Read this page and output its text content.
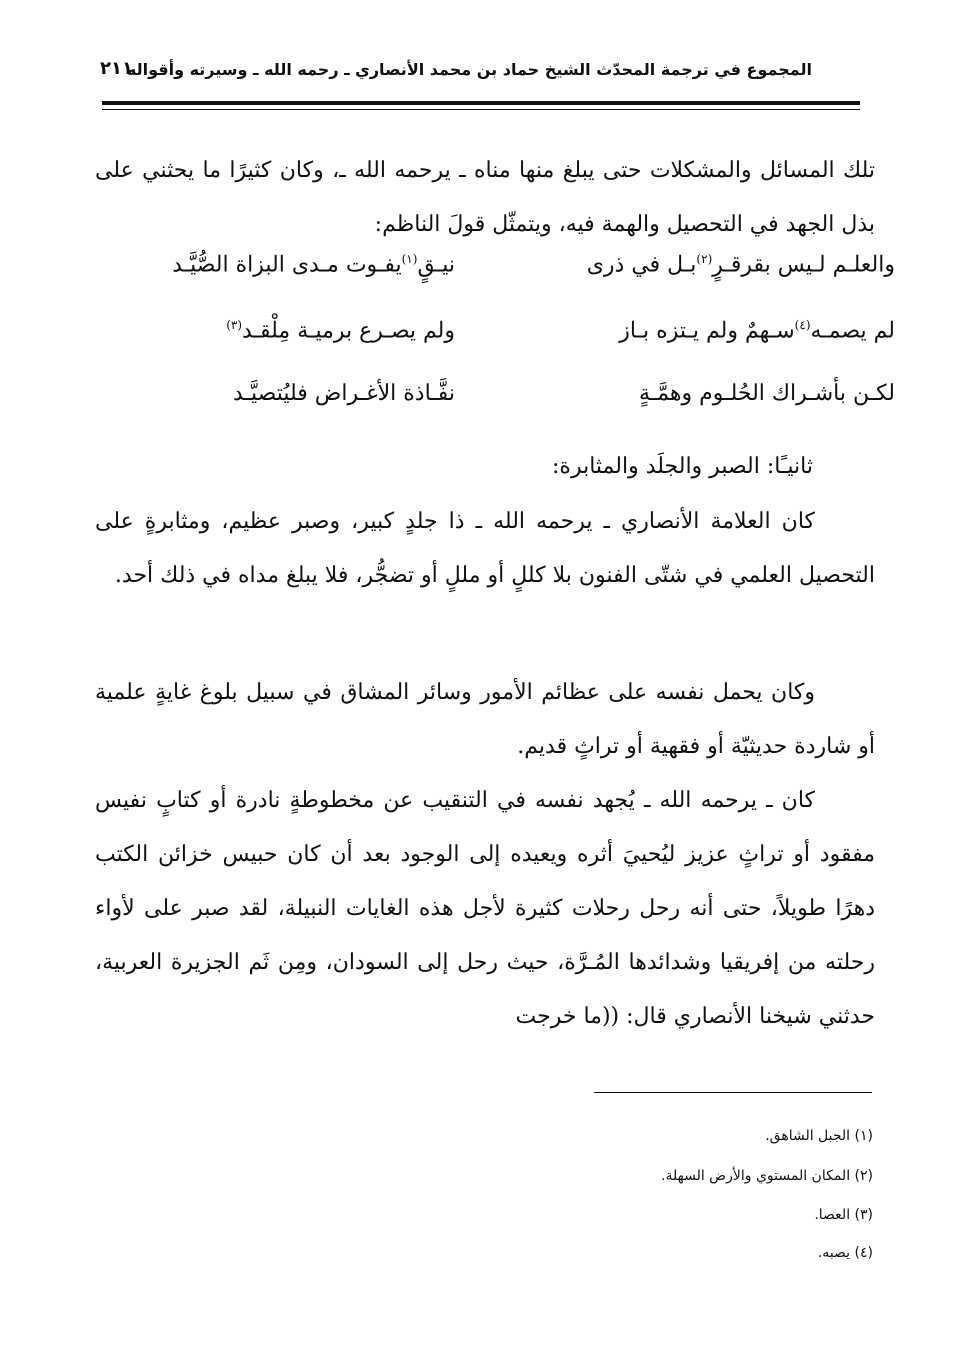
المجموع في ترجمة المحدّث الشيخ حماد بن محمد الأنصاري ـ رحمه الله ـ وسيرته وأقواله
٢١١
تلك المسائل والمشكلات حتى يبلغ منها مناه ـ يرحمه الله ـ، وكان كثيرًا ما يحثني على بذل الجهد في التحصيل والهمة فيه، ويتمثّل قولَ الناظم:
والعلـم لـيس بقرقـرٍ$^{(٢)}$بـل في ذرى
نيـقٍ$^{(١)}$يفـوت مـدى البزاة الصُّيَّـد
لم يصمـه$^{(٤)}$سـهمٌ ولم يـتزه بـاز
ولم يصـرع برميـة مِلْقـد$^{(٣)}$
لكـن بأشـراك الحُلـوم وهمَّـةٍ
نفَّـاذة الأغـراض فليُتصيَّـد
ثانيـًا: الصبر والجلَد والمثابرة:
كان العلامة الأنصاري ـ يرحمه الله ـ ذا جلدٍ كبير، وصبر عظيم، ومثابرةٍ على التحصيل العلمي في شتّى الفنون بلا كللٍ أو مللٍ أو تضجُّر، فلا يبلغ مداه في ذلك أحد.
وكان يحمل نفسه على عظائم الأمور وسائر المشاق في سبيل بلوغ غايةٍ علمية أو شاردة حديثيّة أو فقهية أو تراثٍ قديم.
كان ـ يرحمه الله ـ يُجهد نفسه في التنقيب عن مخطوطةٍ نادرة أو كتابٍ نفيس مفقود أو تراثٍ عزيز ليُحييَ أثره ويعيده إلى الوجود بعد أن كان حبيس خزائن الكتب دهرًا طويلاً، حتى أنه رحل رحلات كثيرة لأجل هذه الغايات النبيلة، لقد صبر على لأواء رحلته من إفريقيا وشدائدها المُـرَّة، حيث رحل إلى السودان، ومِن ثَم الجزيرة العربية، حدثني شيخنا الأنصاري قال: ((ما خرجت
(١) الجبل الشاهق.
(٢) المكان المستوي والأرض السهلة.
(٣) العصا.
(٤) يصبه.
